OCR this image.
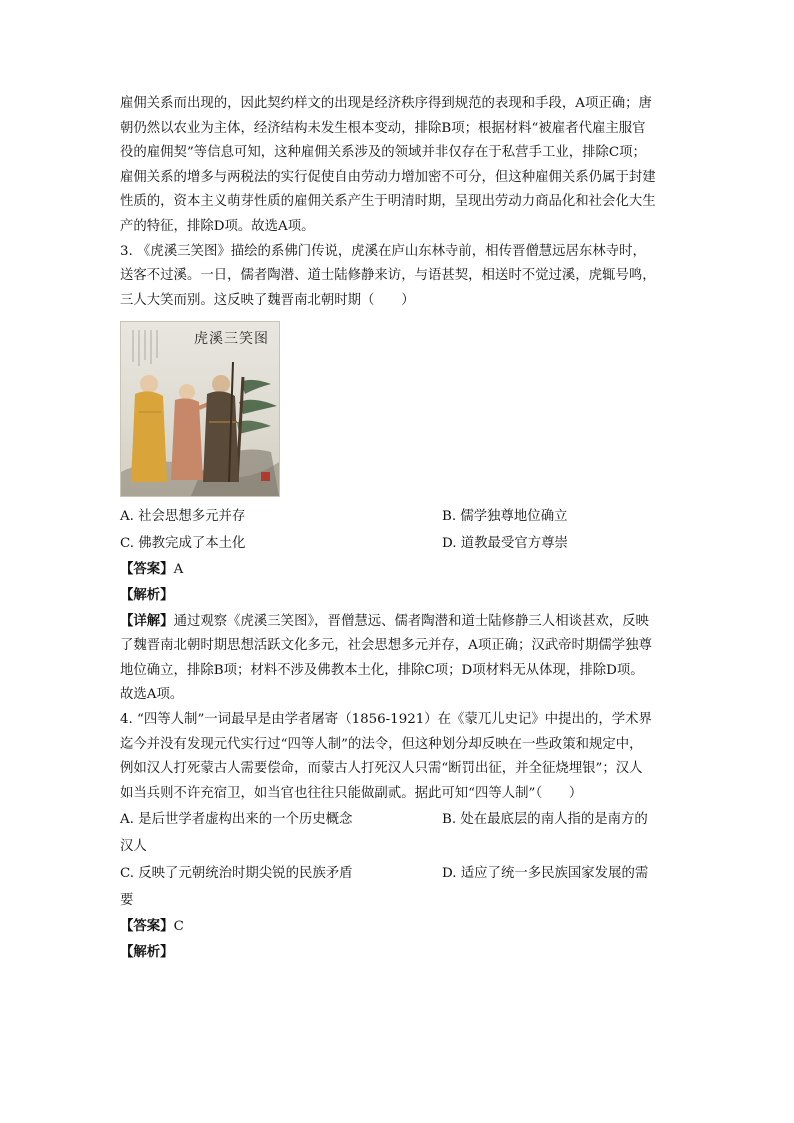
雇佣关系而出现的，因此契约样文的出现是经济秩序得到规范的表现和手段，A项正确；唐

朝仍然以农业为主体，经济结构未发生根本变动，排除B项；根据材料“被雇者代雇主服官

役的雇佣契”等信息可知，这种雇佣关系涉及的领域并非仅存在于私营手工业，排除C项；

雇佣关系的增多与两税法的实行促使自由劳动力增加密不可分，但这种雇佣关系仍属于封建

性质的，资本主义萌芽性质的雇佣关系产生于明清时期，呈现出劳动力商品化和社会化大生

产的特征，排除D项。故选A项。

3. 《虎溪三笑图》描绘的系佛门传说，虎溪在庐山东林寺前，相传晋僧慧远居东林寺时，

送客不过溪。一日，儒者陶潜、道士陆修静来访，与语甚契，相送时不觉过溪，虎辄号鸣，

三人大笑而别。这反映了魏晋南北朝时期（　　）

虎溪三笑图
A. 社会思想多元并存	B. 儒学独尊地位确立
C. 佛教完成了本土化	D. 道教最受官方尊崇

【答案】A

【解析】

【详解】通过观察《虎溪三笑图》，晋僧慧远、儒者陶潜和道士陆修静三人相谈甚欢，反映

了魏晋南北朝时期思想活跃文化多元，社会思想多元并存，A项正确；汉武帝时期儒学独尊

地位确立，排除B项；材料不涉及佛教本土化，排除C项；D项材料无从体现，排除D项。

故选A项。

4. “四等人制”一词最早是由学者屠寄（1856-1921）在《蒙兀儿史记》中提出的，学术界

迄今并没有发现元代实行过“四等人制”的法令，但这种划分却反映在一些政策和规定中，

例如汉人打死蒙古人需要偿命，而蒙古人打死汉人只需“断罚出征，并全征烧埋银”；汉人

如当兵则不许充宿卫，如当官也往往只能做副贰。据此可知“四等人制”（　　）

A. 是后世学者虚构出来的一个历史概念	B. 处在最底层的南人指的是南方的
汉人
C. 反映了元朝统治时期尖锐的民族矛盾	D. 适应了统一多民族国家发展的需
要

【答案】C

【解析】
